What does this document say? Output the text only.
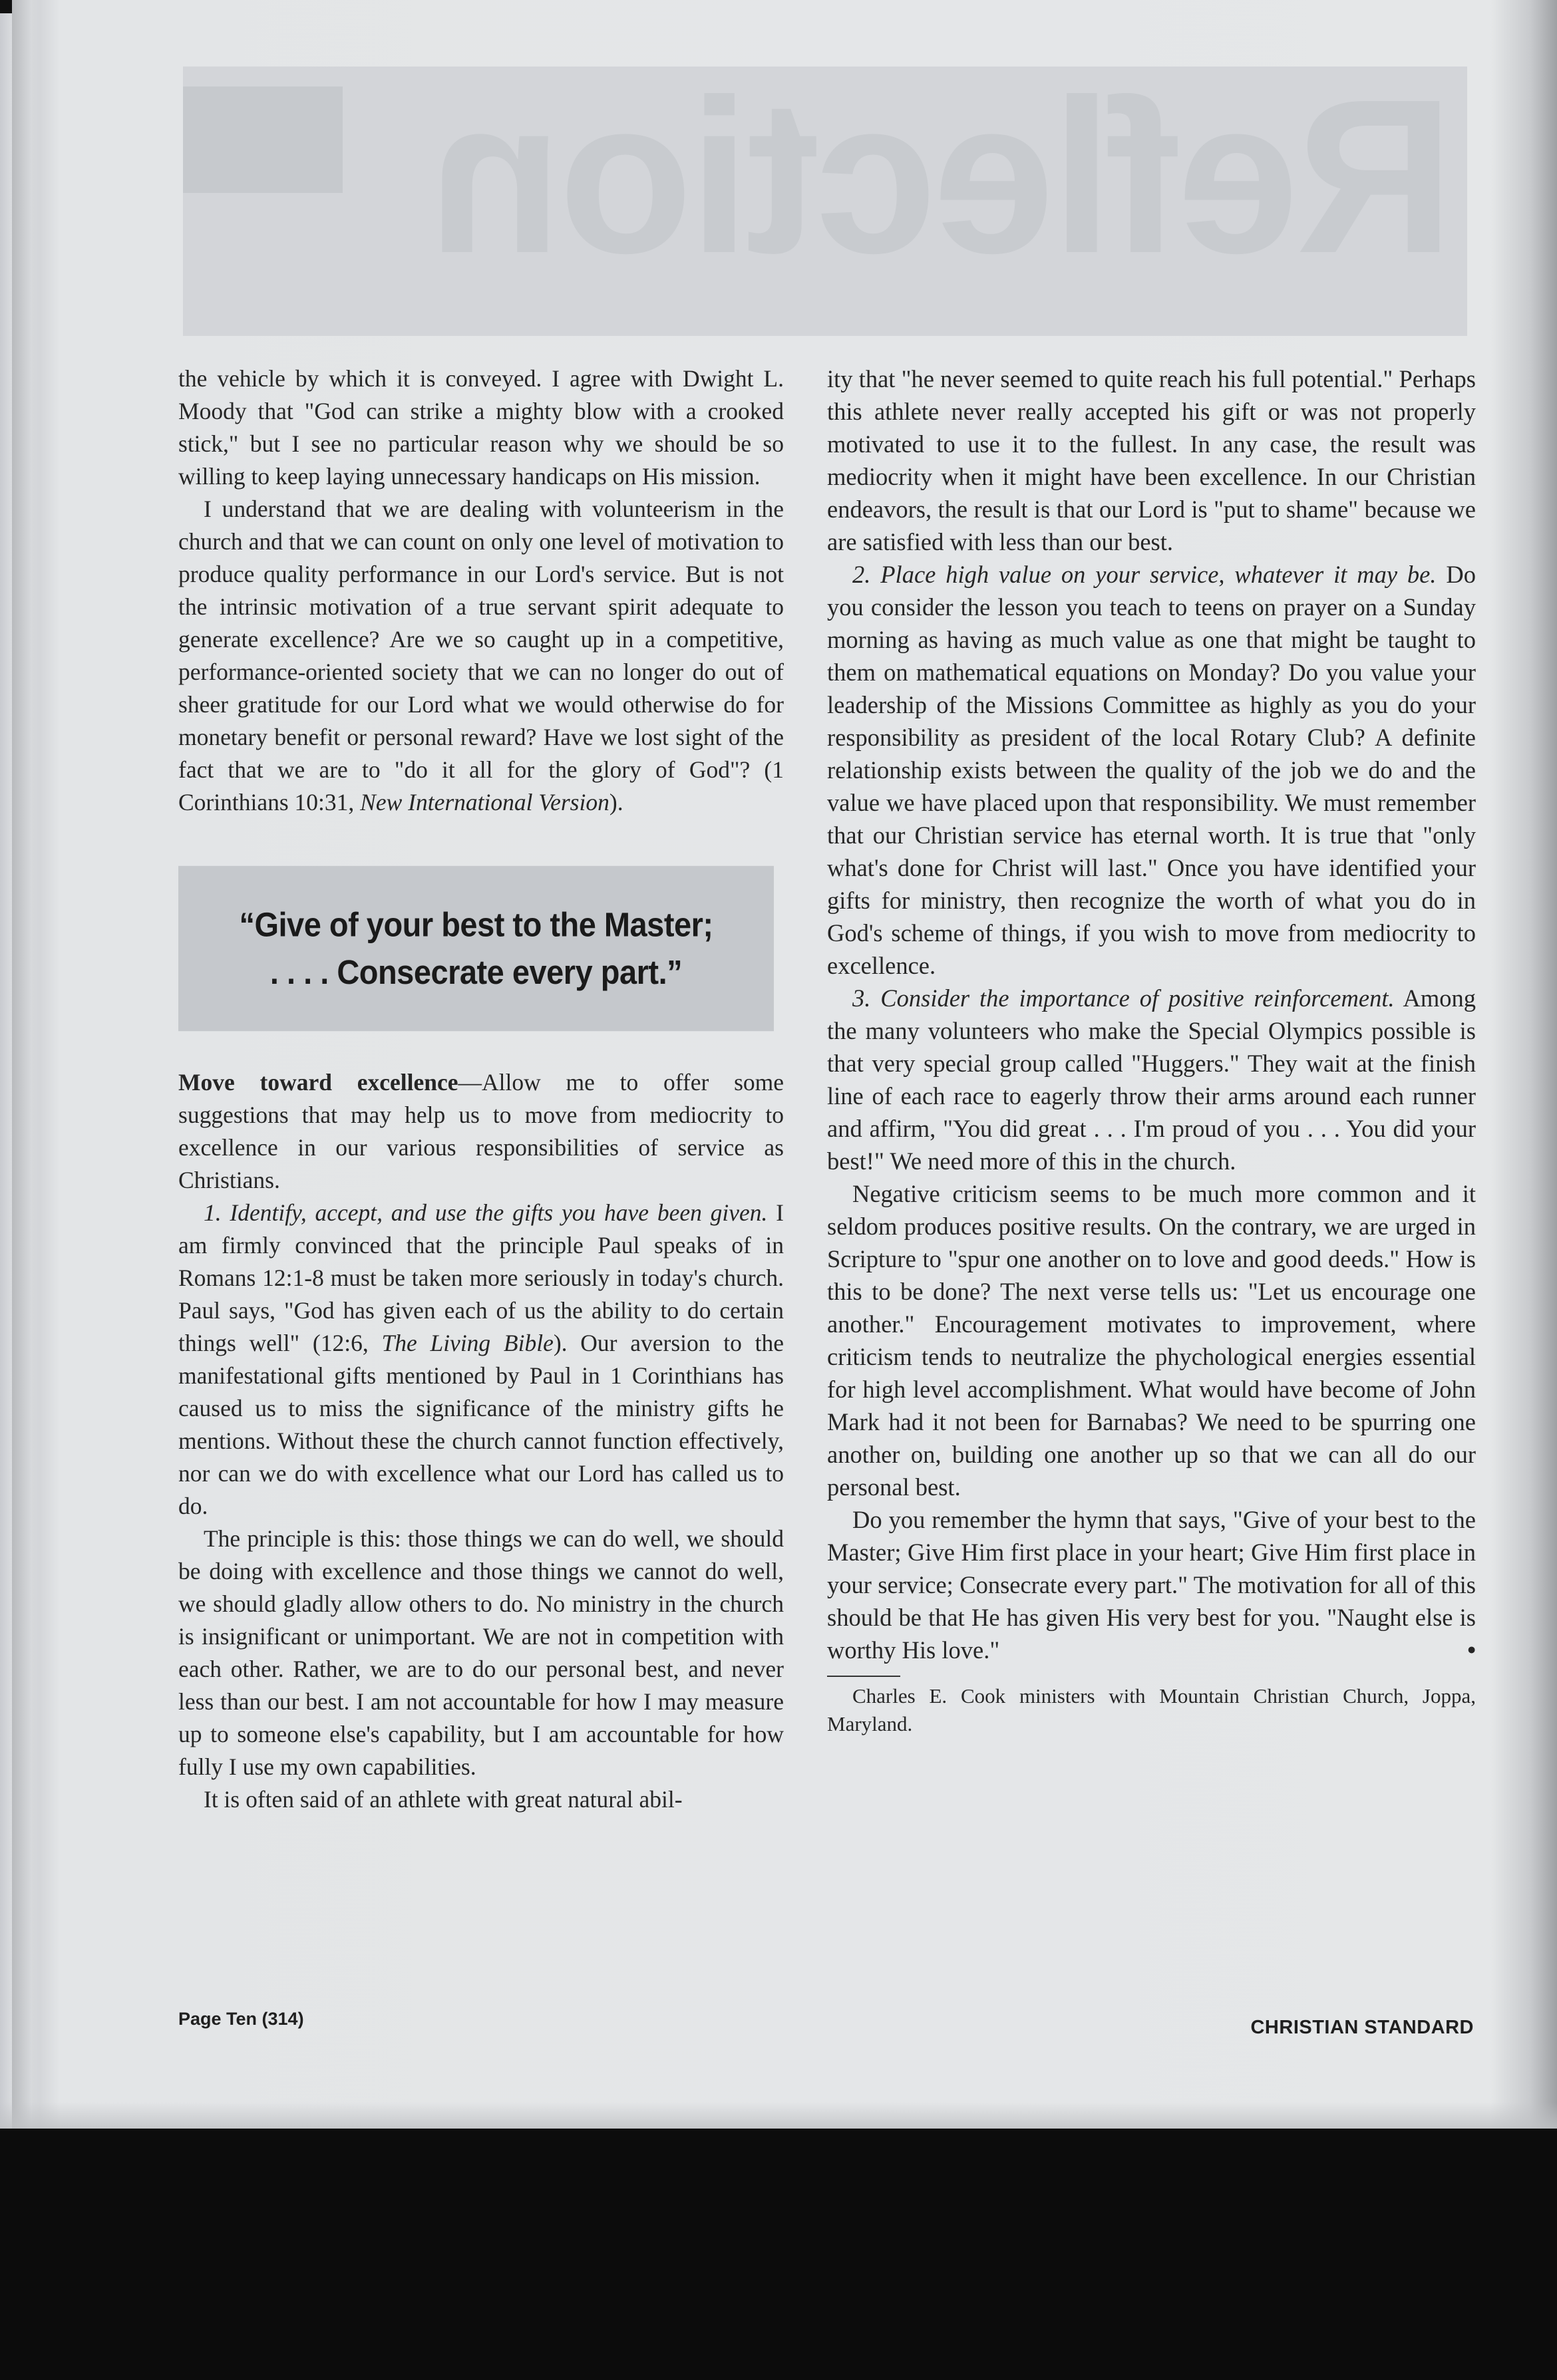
Reflection

the vehicle by which it is conveyed. I agree with Dwight L. Moody that "God can strike a mighty blow with a crooked stick," but I see no particular reason why we should be so willing to keep laying unnecessary handicaps on His mission.

I understand that we are dealing with volunteerism in the church and that we can count on only one level of motivation to produce quality performance in our Lord's service. But is not the intrinsic motivation of a true servant spirit adequate to generate excellence? Are we so caught up in a competitive, performance-oriented society that we can no longer do out of sheer gratitude for our Lord what we would otherwise do for monetary benefit or personal reward? Have we lost sight of the fact that we are to "do it all for the glory of God"? (1 Corinthians 10:31, New International Version).

“Give of your best to the Master;
. . . . Consecrate every part.”

Move toward excellence—Allow me to offer some suggestions that may help us to move from mediocrity to excellence in our various responsibilities of service as Christians.

1. Identify, accept, and use the gifts you have been given. I am firmly convinced that the principle Paul speaks of in Romans 12:1-8 must be taken more seriously in today's church. Paul says, "God has given each of us the ability to do certain things well" (12:6, The Living Bible). Our aversion to the manifestational gifts mentioned by Paul in 1 Corinthians has caused us to miss the significance of the ministry gifts he mentions. Without these the church cannot function effectively, nor can we do with excellence what our Lord has called us to do.

The principle is this: those things we can do well, we should be doing with excellence and those things we cannot do well, we should gladly allow others to do. No ministry in the church is insignificant or unimportant. We are not in competition with each other. Rather, we are to do our personal best, and never less than our best. I am not accountable for how I may measure up to someone else's capability, but I am accountable for how fully I use my own capabilities.

It is often said of an athlete with great natural abil-

ity that "he never seemed to quite reach his full potential." Perhaps this athlete never really accepted his gift or was not properly motivated to use it to the fullest. In any case, the result was mediocrity when it might have been excellence. In our Christian endeavors, the result is that our Lord is "put to shame" because we are satisfied with less than our best.

2. Place high value on your service, whatever it may be. Do you consider the lesson you teach to teens on prayer on a Sunday morning as having as much value as one that might be taught to them on mathematical equations on Monday? Do you value your leadership of the Missions Committee as highly as you do your responsibility as president of the local Rotary Club? A definite relationship exists between the quality of the job we do and the value we have placed upon that responsibility. We must remember that our Christian service has eternal worth. It is true that "only what's done for Christ will last." Once you have identified your gifts for ministry, then recognize the worth of what you do in God's scheme of things, if you wish to move from mediocrity to excellence.

3. Consider the importance of positive reinforcement. Among the many volunteers who make the Special Olympics possible is that very special group called "Huggers." They wait at the finish line of each race to eagerly throw their arms around each runner and affirm, "You did great . . . I'm proud of you . . . You did your best!" We need more of this in the church.

Negative criticism seems to be much more common and it seldom produces positive results. On the contrary, we are urged in Scripture to "spur one another on to love and good deeds." How is this to be done? The next verse tells us: "Let us encourage one another." Encouragement motivates to improvement, where criticism tends to neutralize the phychological energies essential for high level accomplishment. What would have become of John Mark had it not been for Barnabas? We need to be spurring one another on, building one another up so that we can all do our personal best.

Do you remember the hymn that says, "Give of your best to the Master; Give Him first place in your heart; Give Him first place in your service; Consecrate every part." The motivation for all of this should be that He has given His very best for you. "Naught else is worthy His love."	•

Charles E. Cook ministers with Mountain Christian Church, Joppa, Maryland.

Page Ten (314)	CHRISTIAN STANDARD
